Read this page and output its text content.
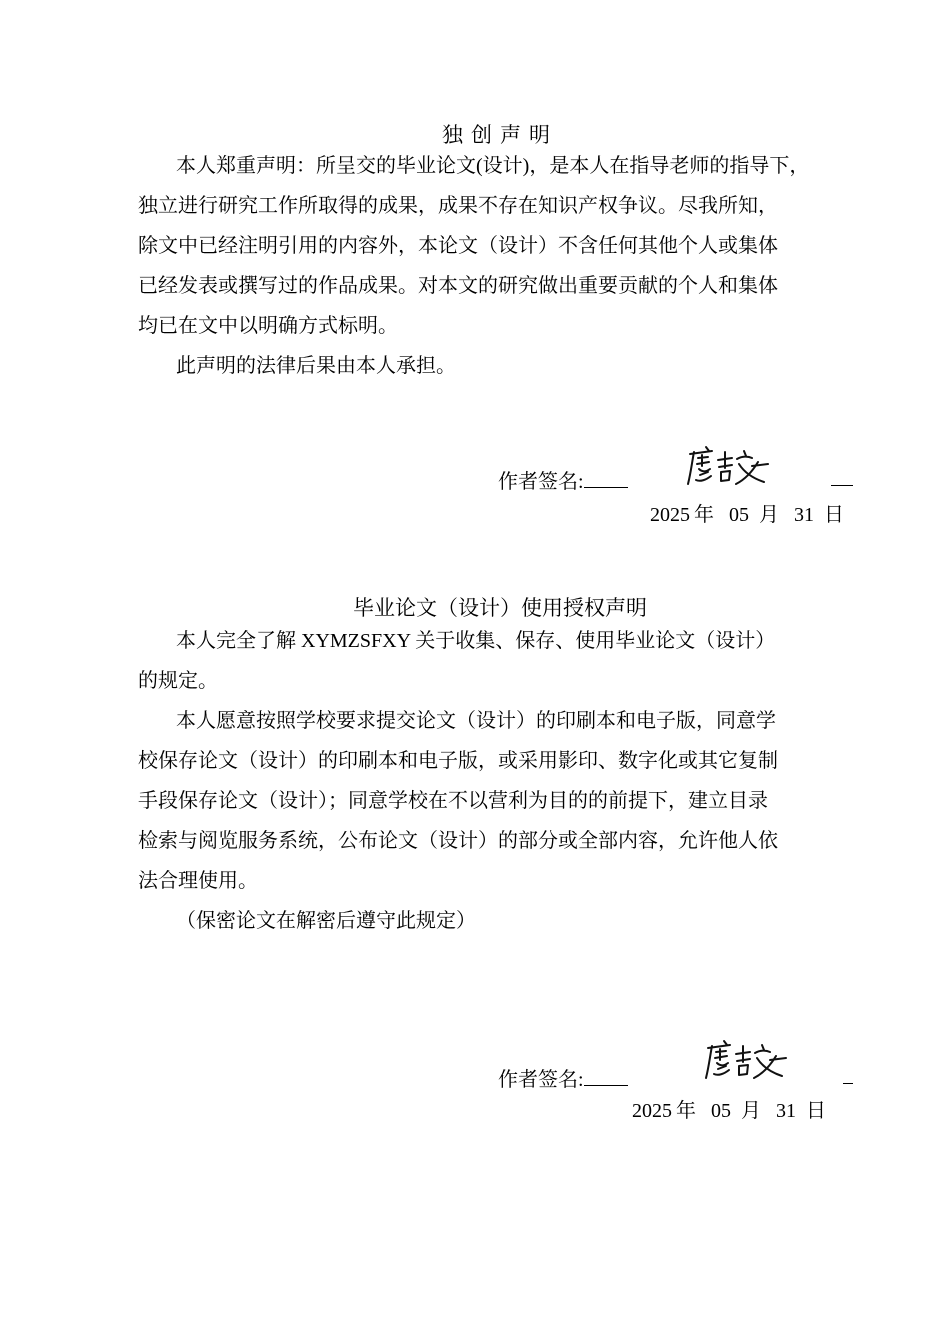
独创声明
本人郑重声明：所呈交的毕业论文(设计)，是本人在指导老师的指导下，
独立进行研究工作所取得的成果，成果不存在知识产权争议。尽我所知，
除文中已经注明引用的内容外，本论文（设计）不含任何其他个人或集体
已经发表或撰写过的作品成果。对本文的研究做出重要贡献的个人和集体
均已在文中以明确方式标明。
此声明的法律后果由本人承担。
作者签名:
2025 年 05 月 31 日
毕业论文（设计）使用授权声明
本人完全了解 XYMZSFXY 关于收集、保存、使用毕业论文（设计）
的规定。
本人愿意按照学校要求提交论文（设计）的印刷本和电子版，同意学
校保存论文（设计）的印刷本和电子版，或采用影印、数字化或其它复制
手段保存论文（设计）；同意学校在不以营利为目的的前提下，建立目录
检索与阅览服务系统，公布论文（设计）的部分或全部内容，允许他人依
法合理使用。
（保密论文在解密后遵守此规定）
作者签名:
2025 年 05 月 31 日
